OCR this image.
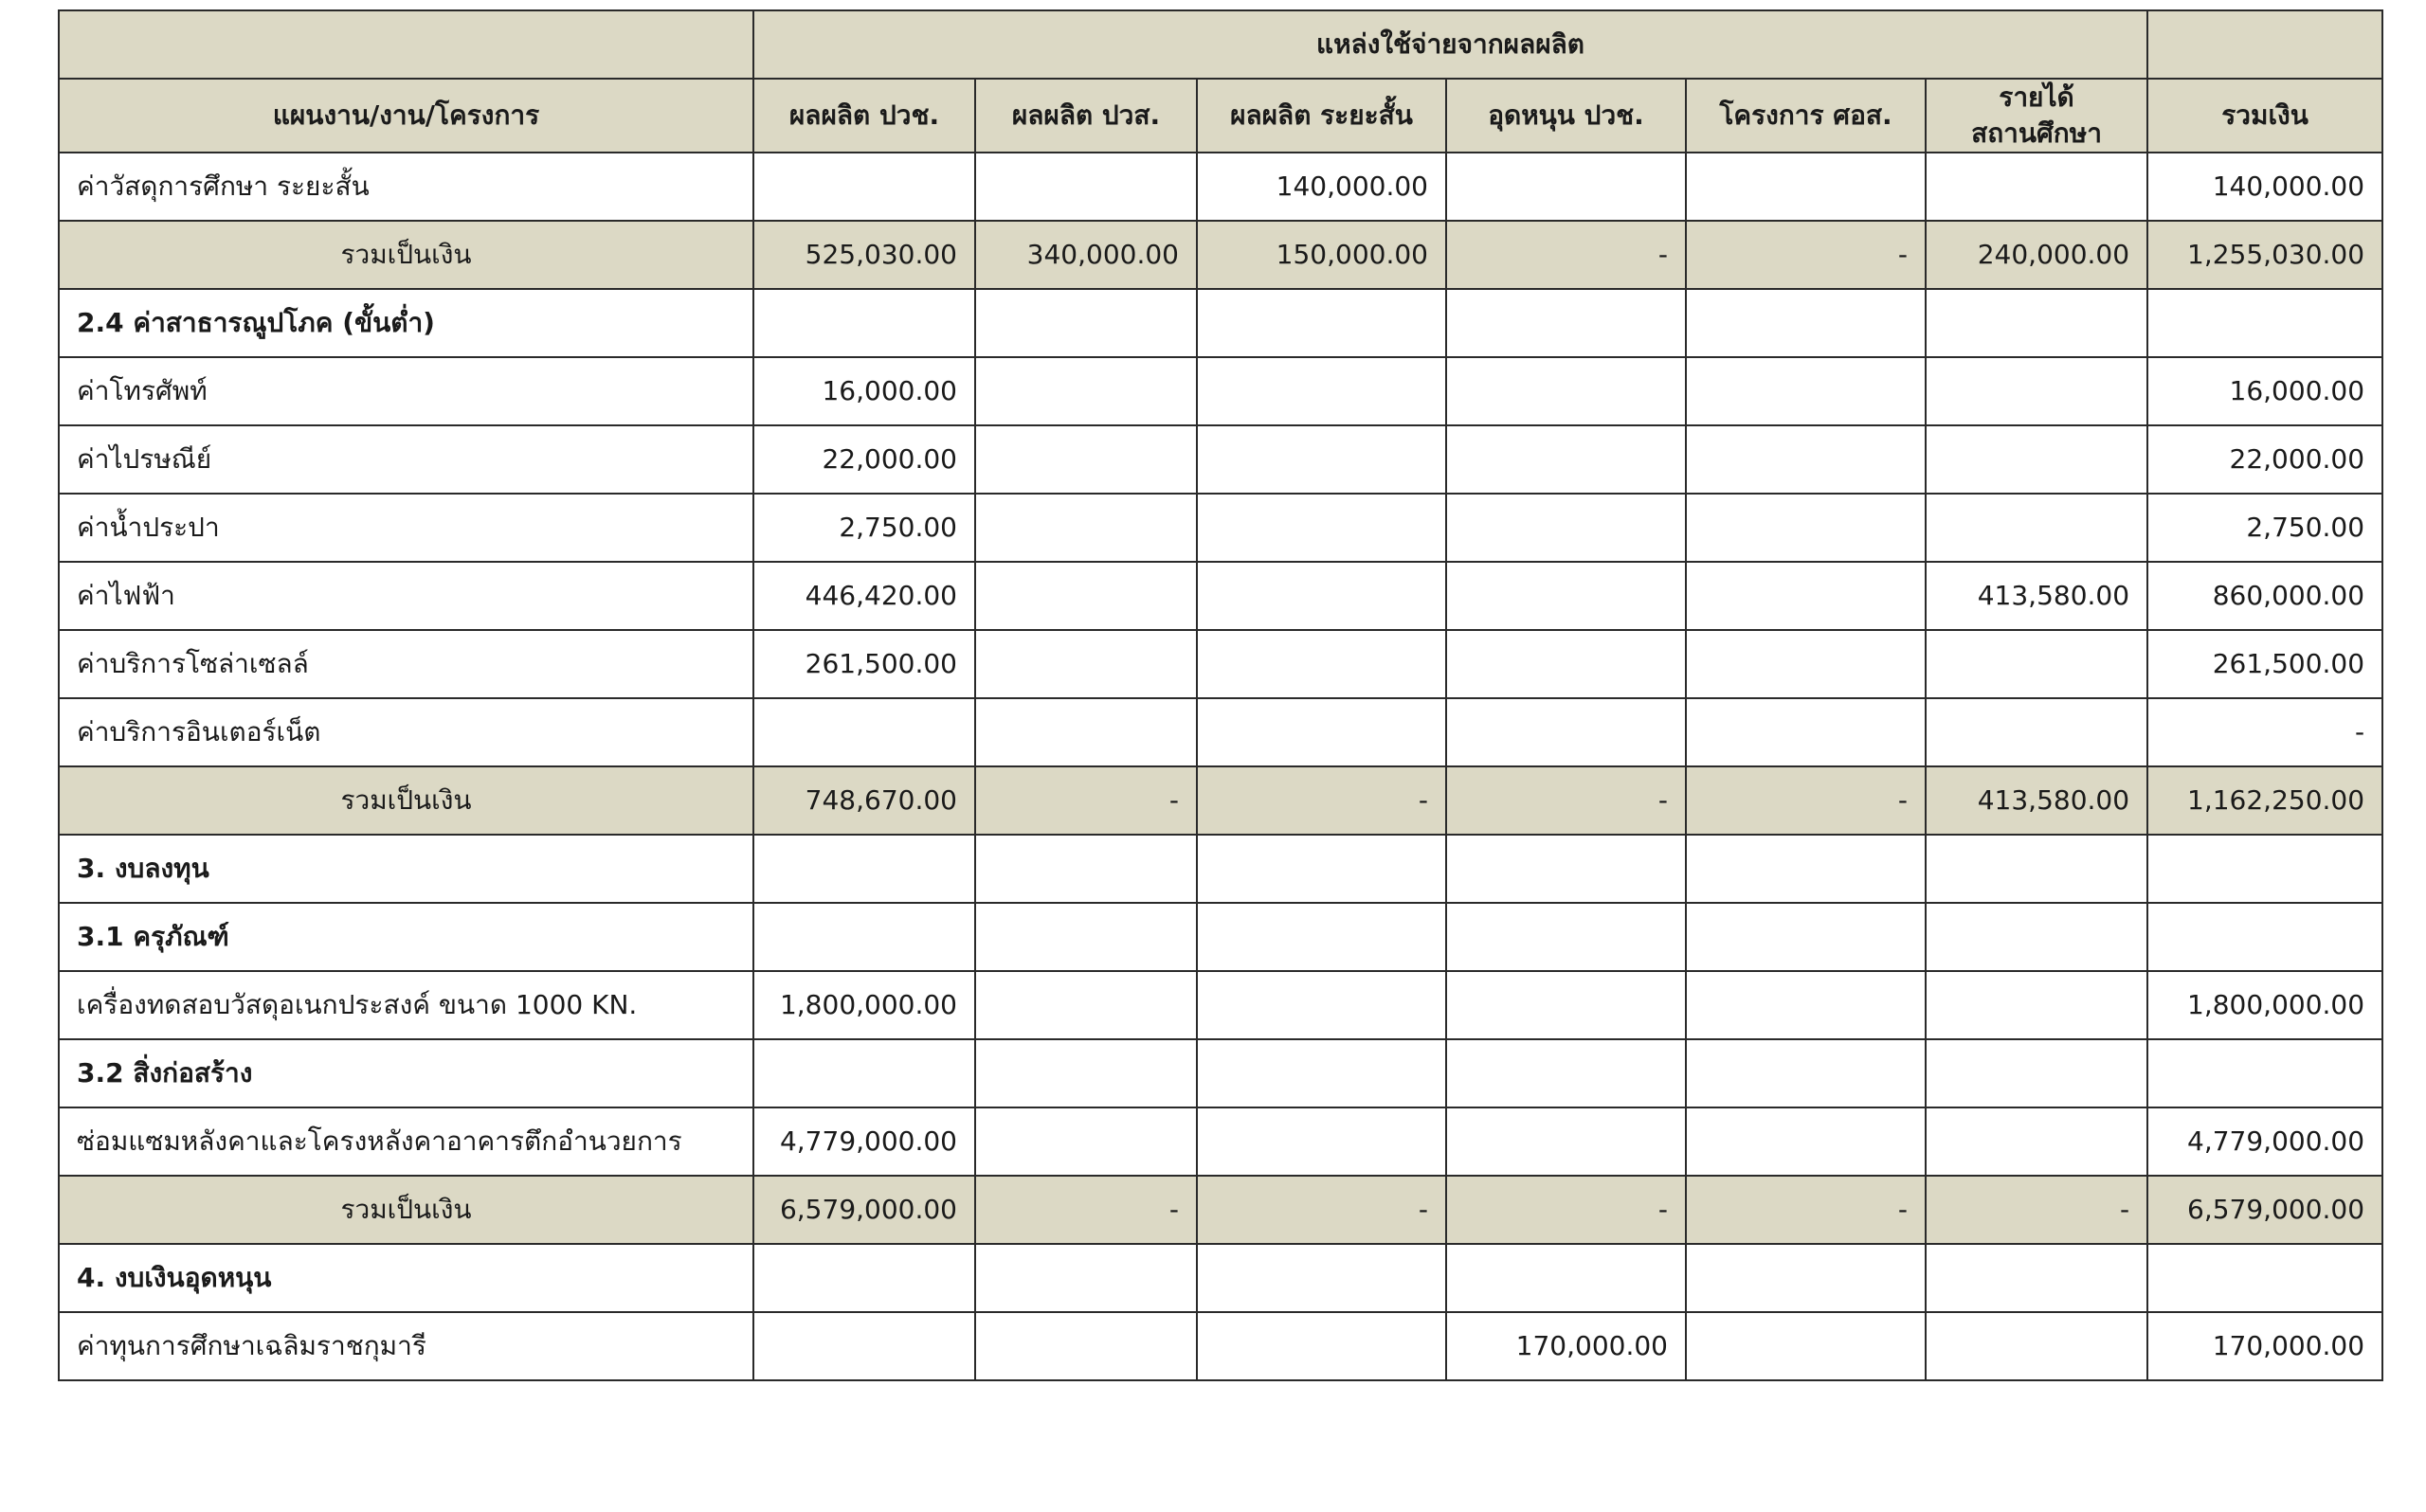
	แหล่งใช้จ่ายจากผลผลิต						
แผนงาน/งาน/โครงการ	ผลผลิต ปวช.	ผลผลิต ปวส.	ผลผลิต ระยะสั้น	อุดหนุน ปวช.	โครงการ ศอส.	รายได้
สถานศึกษา	รวมเงิน
ค่าวัสดุการศึกษา ระยะสั้น			140,000.00				140,000.00
รวมเป็นเงิน	525,030.00	340,000.00	150,000.00	-	-	240,000.00	1,255,030.00
2.4 ค่าสาธารณูปโภค (ขั้นต่ำ)							
ค่าโทรศัพท์	16,000.00						16,000.00
ค่าไปรษณีย์	22,000.00						22,000.00
ค่าน้ำประปา	2,750.00						2,750.00
ค่าไฟฟ้า	446,420.00					413,580.00	860,000.00
ค่าบริการโซล่าเซลล์	261,500.00						261,500.00
ค่าบริการอินเตอร์เน็ต							-
รวมเป็นเงิน	748,670.00	-	-	-	-	413,580.00	1,162,250.00
3. งบลงทุน							
3.1 ครุภัณฑ์							
เครื่องทดสอบวัสดุอเนกประสงค์ ขนาด 1000 KN.	1,800,000.00						1,800,000.00
3.2 สิ่งก่อสร้าง							
ซ่อมแซมหลังคาและโครงหลังคาอาคารตึกอำนวยการ	4,779,000.00						4,779,000.00
รวมเป็นเงิน	6,579,000.00	-	-	-	-	-	6,579,000.00
4. งบเงินอุดหนุน							
ค่าทุนการศึกษาเฉลิมราชกุมารี				170,000.00			170,000.00
